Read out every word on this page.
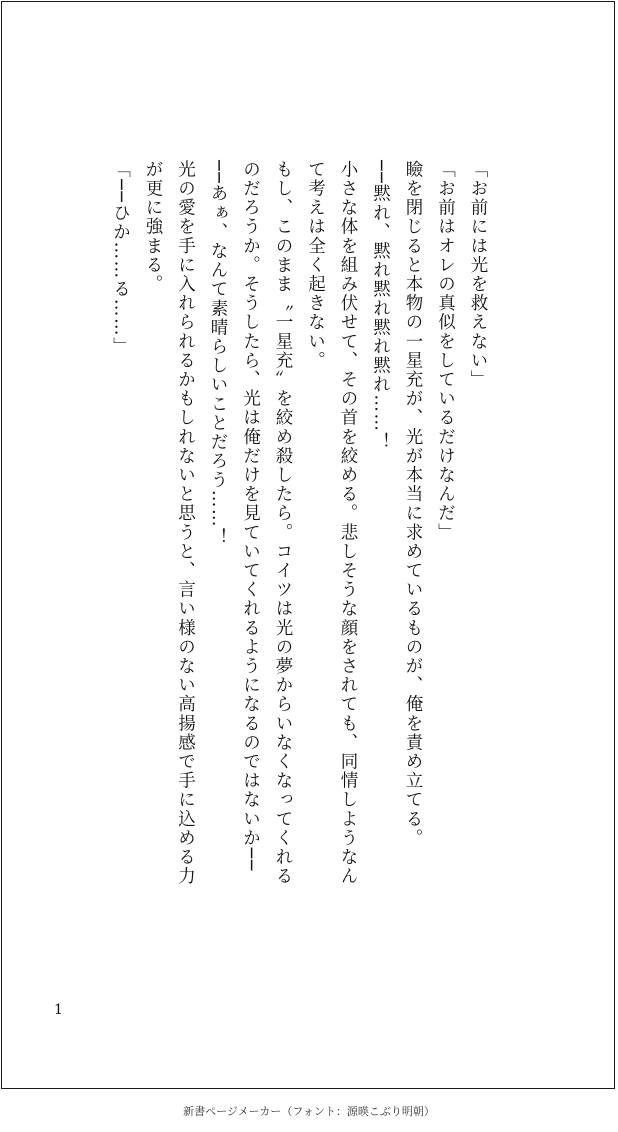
「お前には光を救えない」

「お前はオレの真似をしているだけなんだ」

瞼を閉じると本物の一星充が、光が本当に求めているものが、俺を責め立てる。

──黙れ、黙れ黙れ黙れ黙れ……！

小さな体を組み伏せて、その首を絞める。悲しそうな顔をされても、同情しようなん

て考えは全く起きない。

もし、このまま〝一星充〟を絞め殺したら。コイツは光の夢からいなくなってくれる

のだろうか。そうしたら、光は俺だけを見ていてくれるようになるのではないか──

──あぁ、なんて素晴らしいことだろう……！

光の愛を手に入れられるかもしれないと思うと、言い様のない高揚感で手に込める力

が更に強まる。

「──ひか……る……」

1
新書ページメーカー（フォント：源暎こぶり明朝）
